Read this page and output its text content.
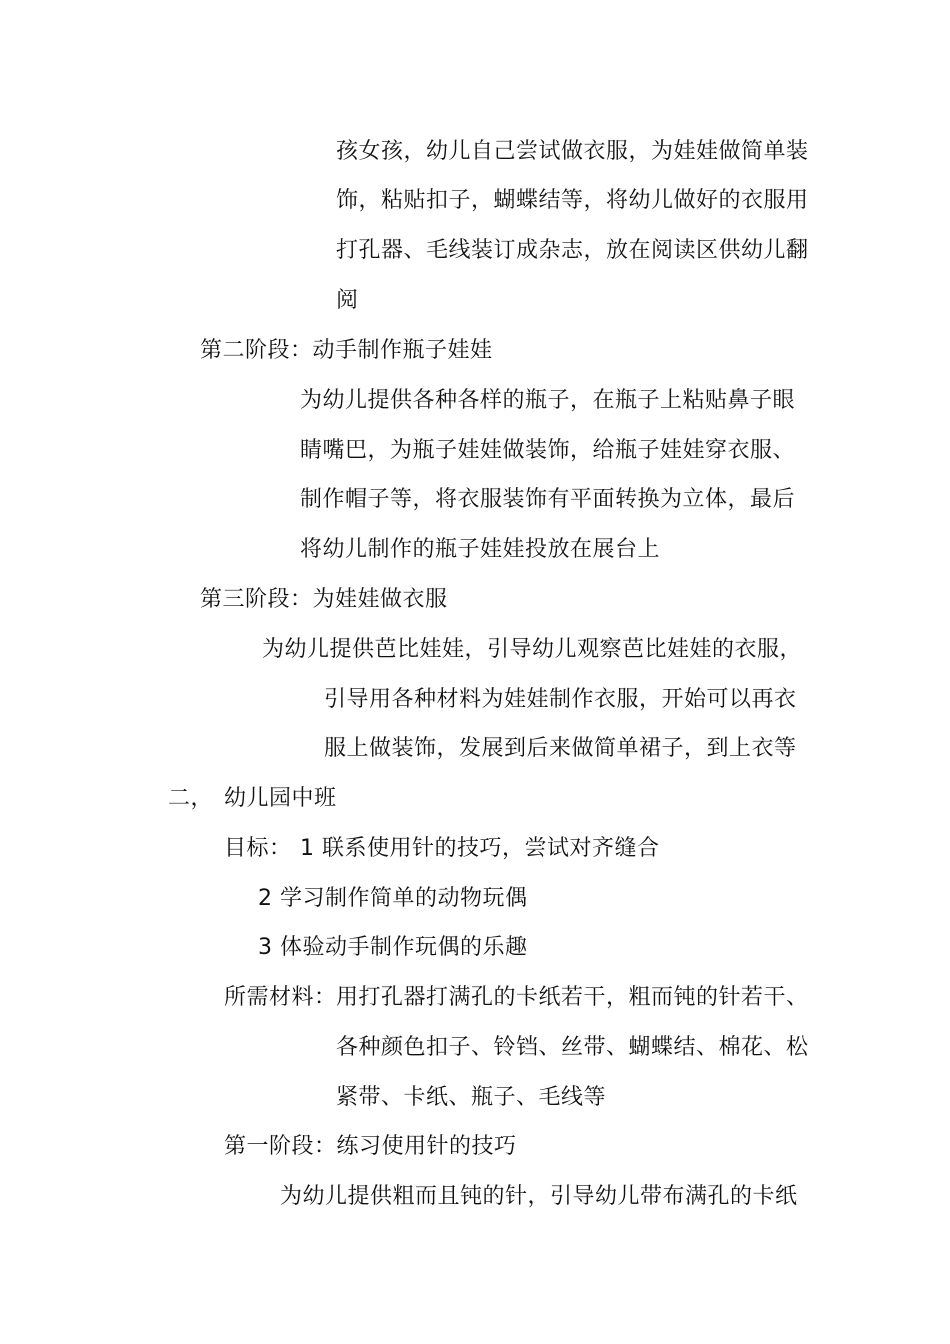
孩女孩，幼儿自己尝试做衣服，为娃娃做简单装
饰，粘贴扣子，蝴蝶结等，将幼儿做好的衣服用
打孔器、毛线装订成杂志，放在阅读区供幼儿翻
阅
第二阶段：动手制作瓶子娃娃
为幼儿提供各种各样的瓶子，在瓶子上粘贴鼻子眼
睛嘴巴，为瓶子娃娃做装饰，给瓶子娃娃穿衣服、
制作帽子等，将衣服装饰有平面转换为立体，最后
将幼儿制作的瓶子娃娃投放在展台上
第三阶段：为娃娃做衣服
为幼儿提供芭比娃娃，引导幼儿观察芭比娃娃的衣服，
引导用各种材料为娃娃制作衣服，开始可以再衣
服上做装饰，发展到后来做简单裙子，到上衣等
二， 幼儿园中班
目标： 1 联系使用针的技巧，尝试对齐缝合
2 学习制作简单的动物玩偶
3 体验动手制作玩偶的乐趣
所需材料： 用打孔器打满孔的卡纸若干，粗而钝的针若干、
各种颜色扣子、铃铛、丝带、蝴蝶结、棉花、松
紧带、卡纸、瓶子、毛线等
第一阶段：练习使用针的技巧
为幼儿提供粗而且钝的针，引导幼儿带布满孔的卡纸
